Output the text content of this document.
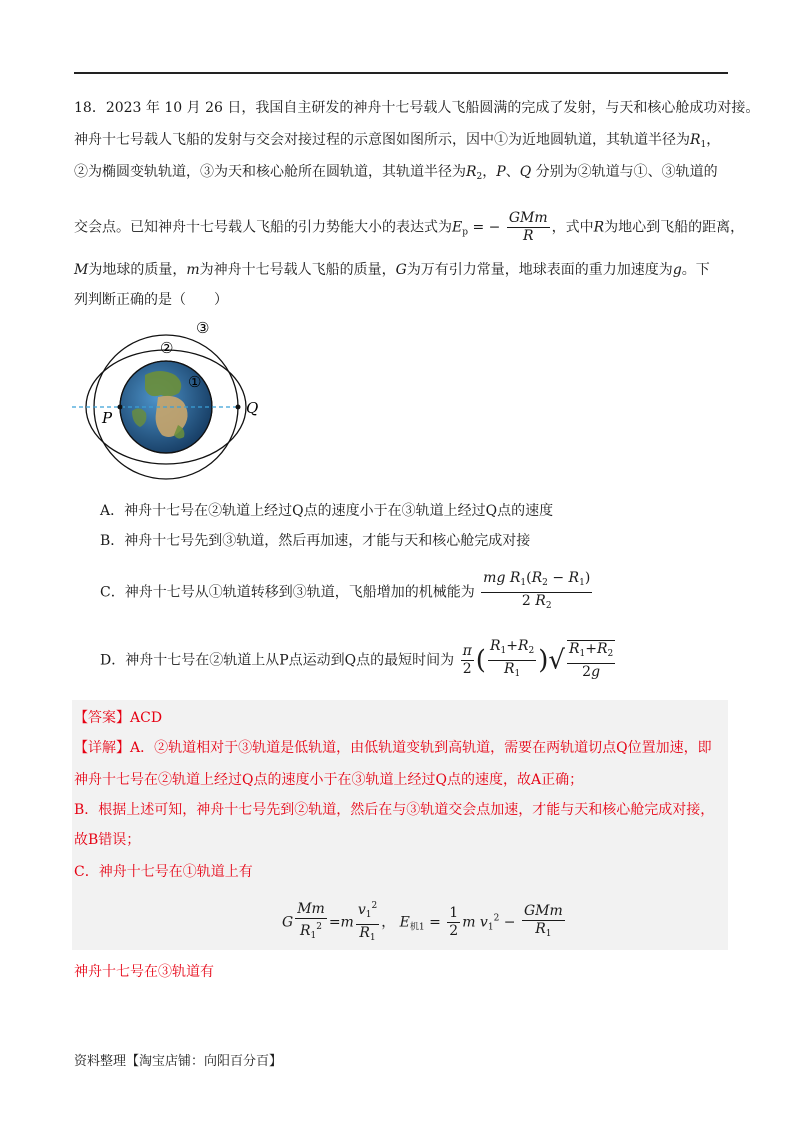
18．2023 年 10 月 26 日，我国自主研发的神舟十七号载人飞船圆满的完成了发射，与天和核心舱成功对接。
神舟十七号载人飞船的发射与交会对接过程的示意图如图所示，因中①为近地圆轨道，其轨道半径为$R_1$，
②为椭圆变轨轨道，③为天和核心舱所在圆轨道，其轨道半径为$R_2$，P、Q 分别为②轨道与①、③轨道的
交会点。已知神舟十七号载人飞船的引力势能大小的表达式为$E_p$ = − $\frac{\text{GMm}}{R}$ ，式中R为地心到飞船的距离，
M为地球的质量，m为神舟十七号载人飞船的质量，G为万有引力常量，地球表面的重力加速度为g。下
列判断正确的是（　　）
P
Q
①
②
③
A．神舟十七号在②轨道上经过Q点的速度小于在③轨道上经过Q点的速度
B．神舟十七号先到③轨道，然后再加速，才能与天和核心舱完成对接
C．神舟十七号从①轨道转移到③轨道，飞船增加的机械能为 $\frac{mg R_1(R_2 - R_1)}{2 R_2}$
D．神舟十七号在②轨道上从P点运动到Q点的最短时间为 $\frac{\pi}{2}$ ( $\frac{R_1+R_2}{R_1}$ )√ $\frac{R_1+R_2}{2g}$
【答案】ACD
【详解】A．②轨道相对于③轨道是低轨道，由低轨道变轨到高轨道，需要在两轨道切点Q位置加速，即
神舟十七号在②轨道上经过Q点的速度小于在③轨道上经过Q点的速度，故A正确；
B．根据上述可知，神舟十七号先到②轨道，然后在与③轨道交会点加速，才能与天和核心舱完成对接，
故B错误；
C．神舟十七号在①轨道上有
G $\frac{Mm}{R_1^2} =m \frac{v_1^2}{R_1}$ ， $E_{机1} = \frac{1}{2}$ m $v_1^2 - \frac{\text{GMm}}{R_1}$
神舟十七号在③轨道有
资料整理【淘宝店铺：向阳百分百】
